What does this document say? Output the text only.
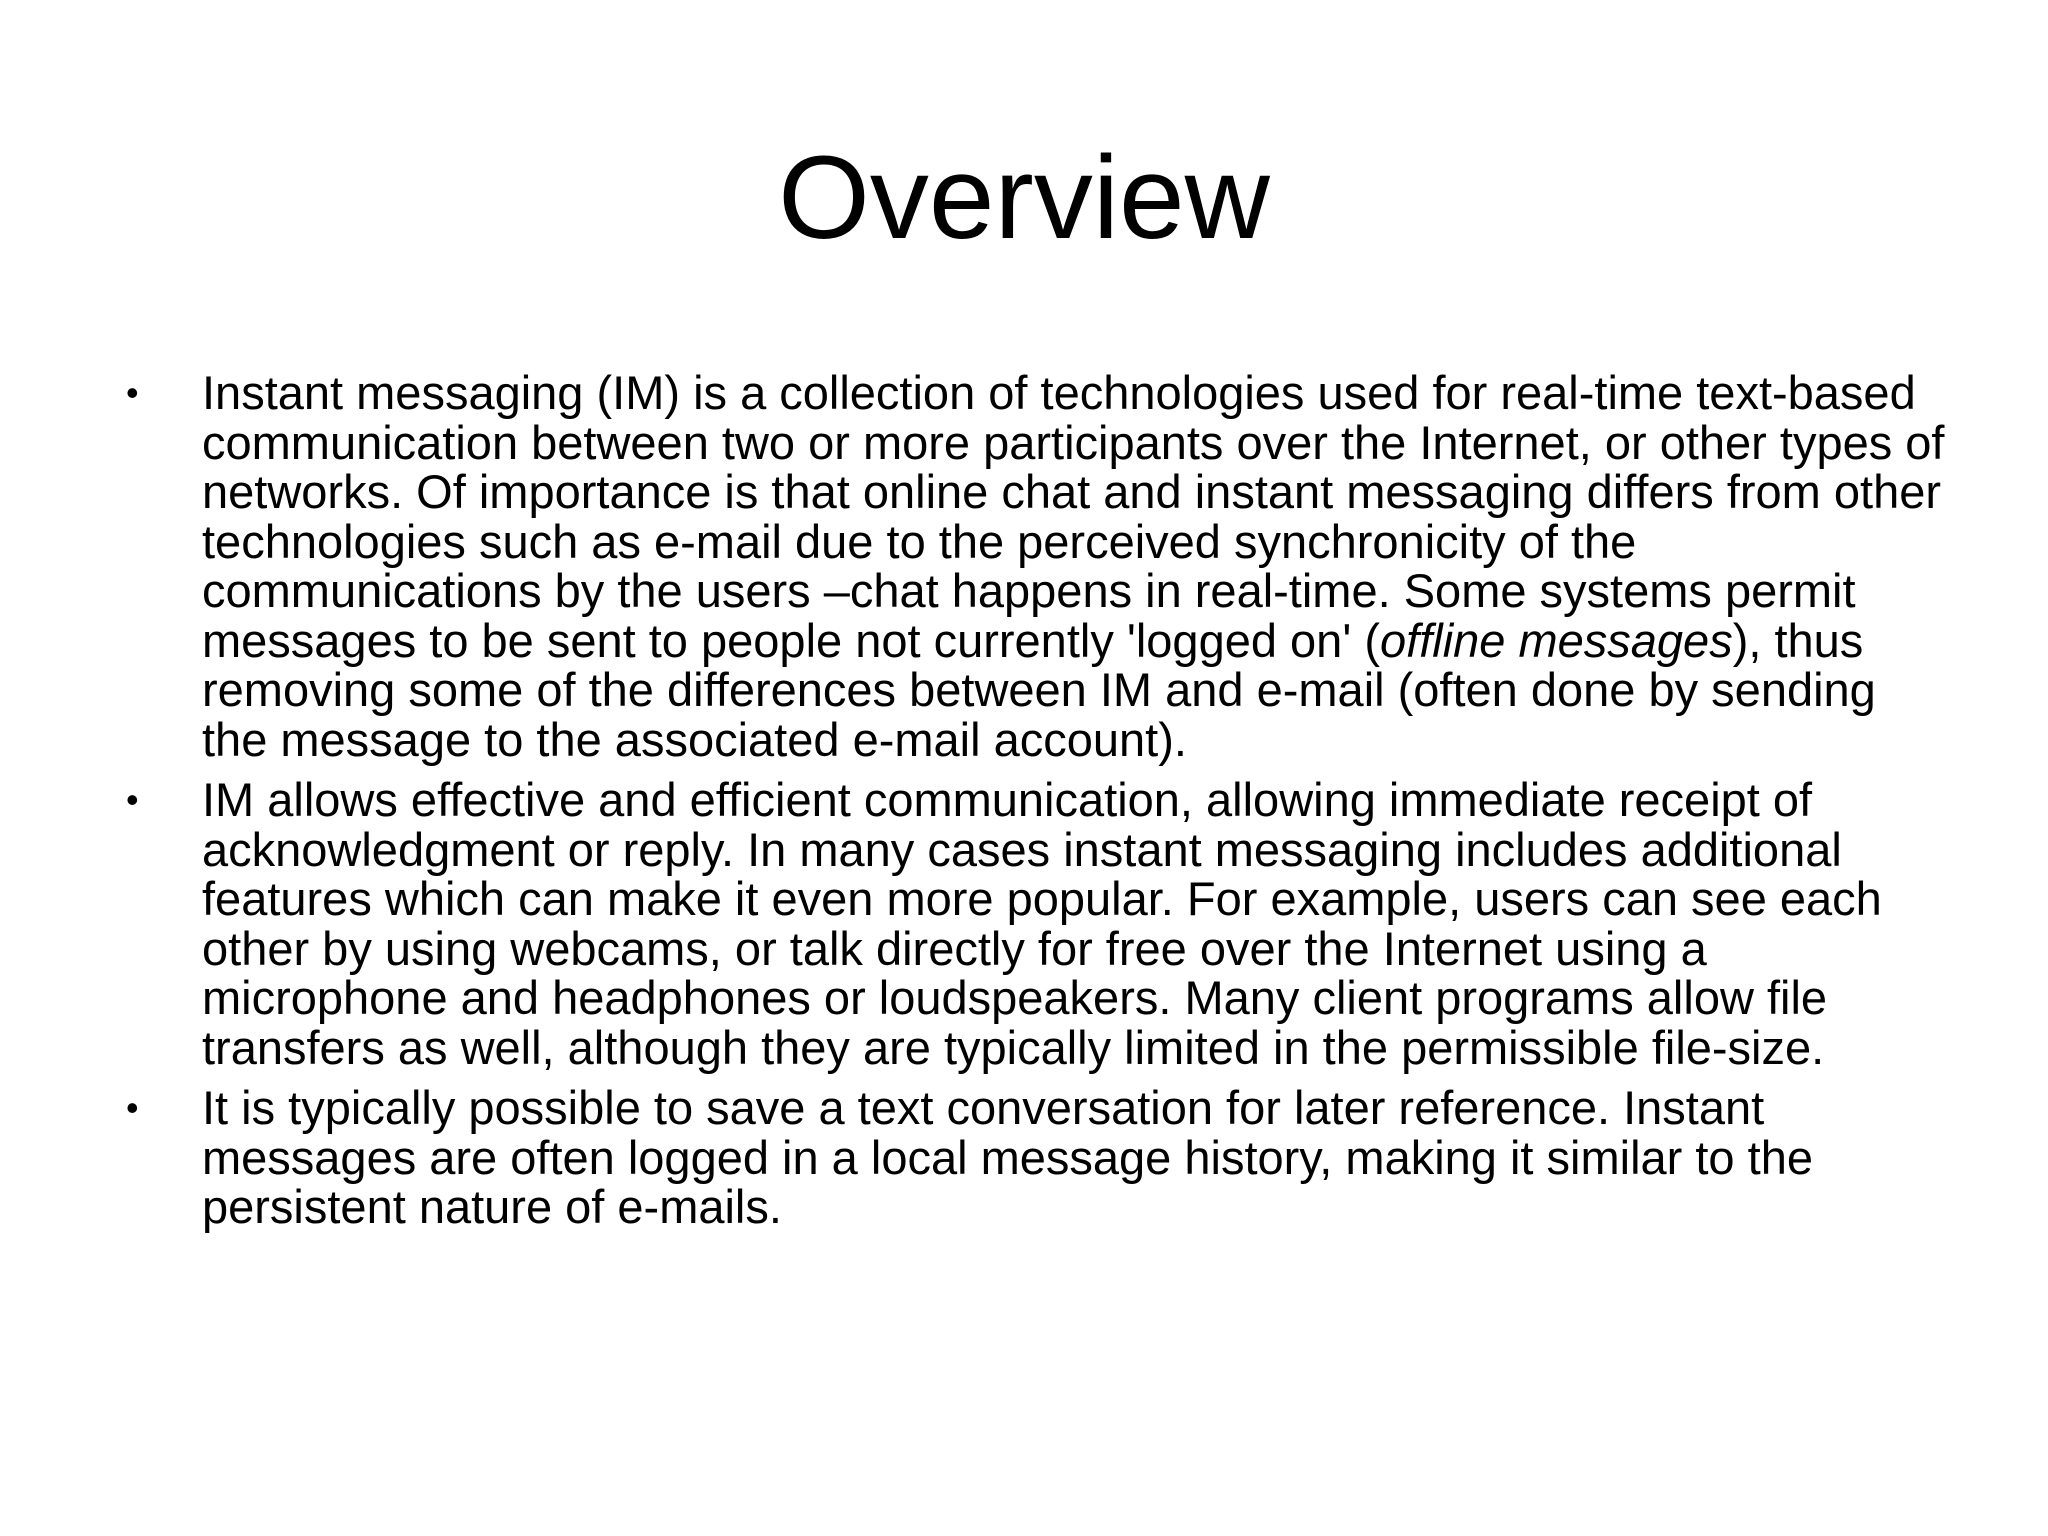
Overview
• Instant messaging (IM) is a collection of technologies used for real-time text-based communication between two or more participants over the Internet, or other types of networks. Of importance is that online chat and instant messaging differs from other technologies such as e-mail due to the perceived synchronicity of the communications by the users –chat happens in real-time. Some systems permit messages to be sent to people not currently 'logged on' (offline messages), thus removing some of the differences between IM and e-mail (often done by sending the message to the associated e-mail account).
• IM allows effective and efficient communication, allowing immediate receipt of acknowledgment or reply. In many cases instant messaging includes additional features which can make it even more popular. For example, users can see each other by using webcams, or talk directly for free over the Internet using a microphone and headphones or loudspeakers. Many client programs allow file transfers as well, although they are typically limited in the permissible file-size.
• It is typically possible to save a text conversation for later reference. Instant messages are often logged in a local message history, making it similar to the persistent nature of e-mails.
